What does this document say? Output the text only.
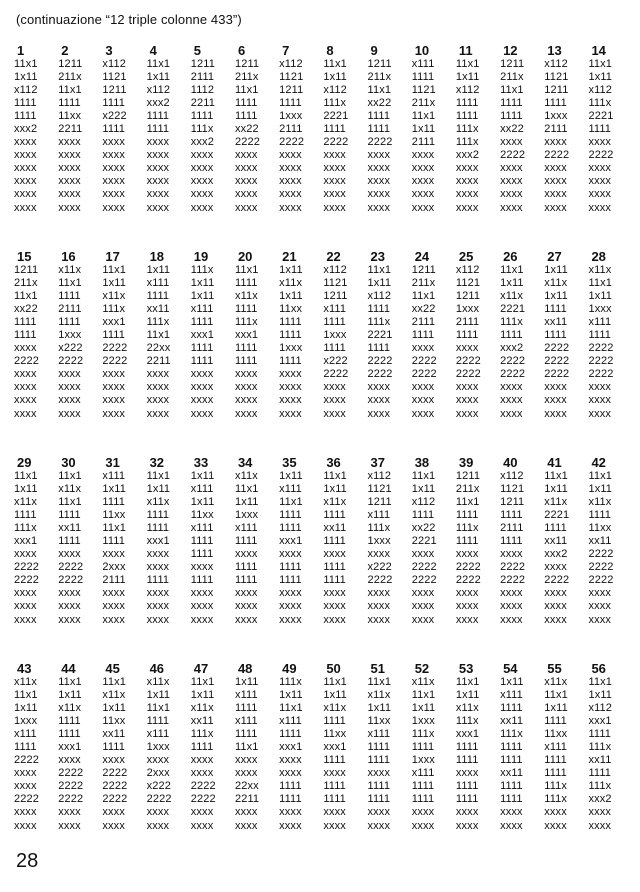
(continuazione “12 triple colonne 433”)
1	2	3	4	5	6	7	8	9	10	11	12	13	14
11x1	1211	x112	11x1	1211	1211	x112	11x1	1211	x111	11x1	1211	x112	11x1
1x11	211x	1121	1x11	2111	211x	1121	1x11	211x	1111	1x11	211x	1121	1x11
x112	11x1	1211	x112	1112	11x1	1211	x112	11x1	1121	x112	11x1	1211	x112
1111	1111	1111	xxx2	2211	1111	1111	111x	xx22	211x	1111	1111	1111	111x
1111	11xx	x222	1111	1111	1111	1xxx	2221	1111	11x1	1111	1111	1xxx	2221
xxx2	2211	1111	1111	111x	xx22	2111	1111	1111	1x11	111x	xx22	2111	1111
xxxx	xxxx	xxxx	xxxx	xxx2	2222	2222	2222	2222	2111	111x	xxxx	xxxx	xxxx
xxxx	xxxx	xxxx	xxxx	xxxx	xxxx	xxxx	xxxx	xxxx	xxxx	xxx2	2222	2222	2222
xxxx	xxxx	xxxx	xxxx	xxxx	xxxx	xxxx	xxxx	xxxx	xxxx	xxxx	xxxx	xxxx	xxxx
xxxx	xxxx	xxxx	xxxx	xxxx	xxxx	xxxx	xxxx	xxxx	xxxx	xxxx	xxxx	xxxx	xxxx
xxxx	xxxx	xxxx	xxxx	xxxx	xxxx	xxxx	xxxx	xxxx	xxxx	xxxx	xxxx	xxxx	xxxx
xxxx	xxxx	xxxx	xxxx	xxxx	xxxx	xxxx	xxxx	xxxx	xxxx	xxxx	xxxx	xxxx	xxxx
15	16	17	18	19	20	21	22	23	24	25	26	27	28
1211	x11x	11x1	1x11	111x	11x1	1x11	x112	11x1	1211	x112	11x1	1x11	x11x
211x	11x1	1x11	x111	1x11	1111	x11x	1121	1x11	211x	1121	1x11	x11x	11x1
11x1	1111	x11x	1111	1x11	x11x	1x11	1211	x112	11x1	1211	x11x	1x11	1x11
xx22	2111	111x	xx11	x111	1111	11xx	x111	1111	xx22	1xxx	2221	1111	1xxx
1111	1111	xxx1	111x	1111	111x	1111	1111	111x	2111	2111	111x	xx11	x111
1111	1xxx	1111	11x1	xxx1	xxx1	1111	1xxx	2221	1111	1111	1111	1111	1111
xxxx	x222	2222	22xx	1111	1111	1xxx	1111	1111	xxxx	xxxx	xxx2	2222	2222
2222	2222	2222	2211	1111	1111	1111	x222	2222	2222	2222	2222	2222	2222
xxxx	xxxx	xxxx	xxxx	xxxx	xxxx	xxxx	2222	2222	2222	2222	2222	2222	2222
xxxx	xxxx	xxxx	xxxx	xxxx	xxxx	xxxx	xxxx	xxxx	xxxx	xxxx	xxxx	xxxx	xxxx
xxxx	xxxx	xxxx	xxxx	xxxx	xxxx	xxxx	xxxx	xxxx	xxxx	xxxx	xxxx	xxxx	xxxx
xxxx	xxxx	xxxx	xxxx	xxxx	xxxx	xxxx	xxxx	xxxx	xxxx	xxxx	xxxx	xxxx	xxxx
29	30	31	32	33	34	35	36	37	38	39	40	41	42
11x1	11x1	x111	11x1	1x11	x11x	1x11	11x1	x112	11x1	1211	x112	11x1	11x1
1x11	x11x	1x11	1x11	x111	11x1	x111	1x11	1121	1x11	211x	1121	1x11	1x11
x11x	11x1	1111	x11x	1x11	1x11	11x1	x11x	1211	x112	11x1	1211	x11x	x11x
1111	1111	11xx	1111	11xx	1xxx	1111	1111	x111	1111	1111	1111	2221	1111
111x	xx11	11x1	1111	x111	x111	1111	xx11	111x	xx22	111x	2111	1111	11xx
xxx1	1111	1111	xxx1	1111	1111	xxx1	1111	1xxx	2221	1111	1111	xx11	xx11
xxxx	xxxx	xxxx	xxxx	1111	xxxx	xxxx	xxxx	xxxx	xxxx	xxxx	xxxx	xxx2	2222
2222	2222	2xxx	xxxx	xxxx	1111	1111	1111	x222	2222	2222	2222	xxxx	2222
2222	2222	2111	1111	1111	1111	1111	1111	2222	2222	2222	2222	2222	2222
xxxx	xxxx	xxxx	xxxx	xxxx	xxxx	xxxx	xxxx	xxxx	xxxx	xxxx	xxxx	xxxx	xxxx
xxxx	xxxx	xxxx	xxxx	xxxx	xxxx	xxxx	xxxx	xxxx	xxxx	xxxx	xxxx	xxxx	xxxx
xxxx	xxxx	xxxx	xxxx	xxxx	xxxx	xxxx	xxxx	xxxx	xxxx	xxxx	xxxx	xxxx	xxxx
43	44	45	46	47	48	49	50	51	52	53	54	55	56
x11x	11x1	11x1	x11x	11x1	1x11	111x	11x1	11x1	x11x	11x1	1x11	x11x	11x1
11x1	1x11	x11x	1x11	1x11	x111	1x11	1x11	x11x	11x1	1x11	x111	11x1	1x11
1x11	x11x	1x11	11x1	x11x	1111	11x1	x11x	1x11	1x11	x11x	1111	1x11	x112
1xxx	1111	11xx	1111	xx11	x111	x111	1111	11xx	1xxx	111x	xx11	1111	xxx1
x111	1111	xx11	x111	111x	1111	1111	11xx	x111	111x	xxx1	111x	11xx	1111
1111	xxx1	1111	1xxx	1111	11x1	xxx1	xxx1	1111	1111	1111	1111	x111	111x
2222	xxxx	xxxx	xxxx	xxxx	xxxx	xxxx	1111	1111	1xxx	1111	1111	1111	xx11
xxxx	2222	2222	2xxx	xxxx	xxxx	xxxx	xxxx	xxxx	x111	xxxx	xx11	1111	1111
xxxx	2222	2222	x222	2222	22xx	1111	1111	1111	1111	1111	1111	111x	111x
2222	2222	2222	2222	2222	2211	1111	1111	1111	1111	1111	1111	111x	xxx2
xxxx	xxxx	xxxx	xxxx	xxxx	xxxx	xxxx	xxxx	xxxx	xxxx	xxxx	xxxx	xxxx	xxxx
xxxx	xxxx	xxxx	xxxx	xxxx	xxxx	xxxx	xxxx	xxxx	xxxx	xxxx	xxxx	xxxx	xxxx
28
